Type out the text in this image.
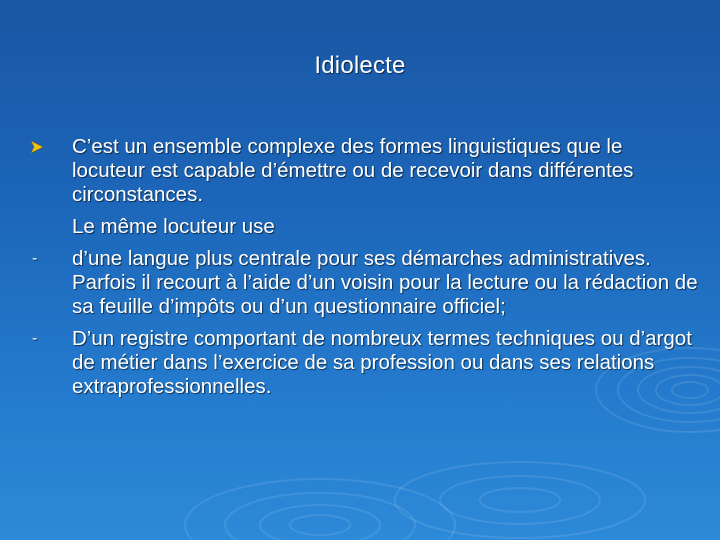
Idiolecte
C’est un ensemble complexe des formes linguistiques que le locuteur est capable d’émettre ou de recevoir dans différentes circonstances.
Le même locuteur use
-	d’une langue plus centrale pour ses démarches administratives. Parfois il recourt à l’aide d’un voisin pour la lecture ou la rédaction de sa feuille d’impôts ou d’un questionnaire officiel;
-	D’un registre comportant de nombreux termes techniques ou d’argot de métier dans l’exercice de sa profession ou dans ses relations extraprofessionnelles.
